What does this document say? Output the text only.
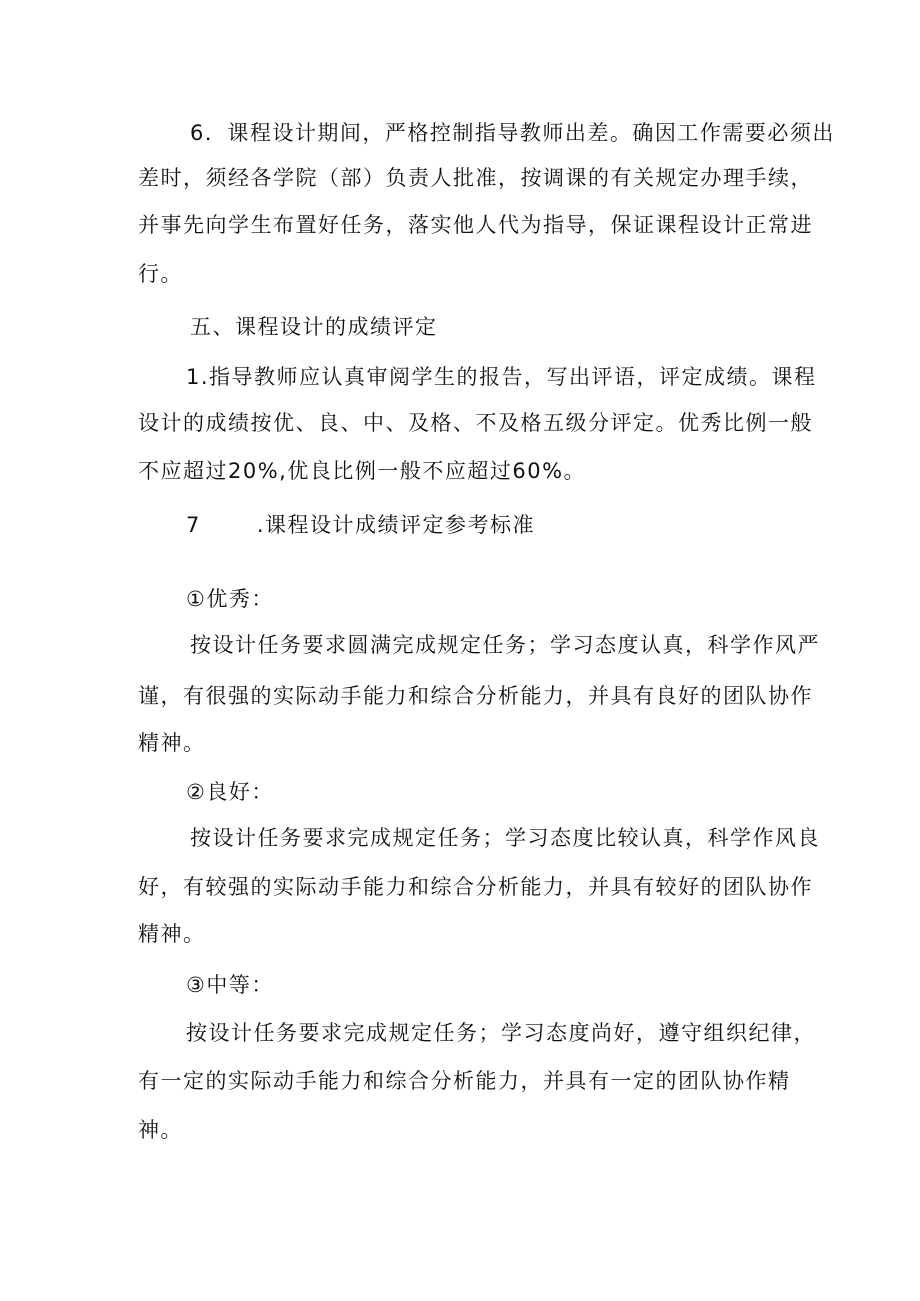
6．课程设计期间，严格控制指导教师出差。确因工作需要必须出
差时，须经各学院（部）负责人批准，按调课的有关规定办理手续，
并事先向学生布置好任务，落实他人代为指导，保证课程设计正常进
行。
五、课程设计的成绩评定
1.指导教师应认真审阅学生的报告，写出评语，评定成绩。课程
设计的成绩按优、良、中、及格、不及格五级分评定。优秀比例一般
不应超过20%,优良比例一般不应超过60%。
7	.课程设计成绩评定参考标准
①优秀：
按设计任务要求圆满完成规定任务；学习态度认真，科学作风严
谨，有很强的实际动手能力和综合分析能力，并具有良好的团队协作
精神。
②良好：
按设计任务要求完成规定任务；学习态度比较认真，科学作风良
好，有较强的实际动手能力和综合分析能力，并具有较好的团队协作
精神。
③中等：
按设计任务要求完成规定任务；学习态度尚好，遵守组织纪律，
有一定的实际动手能力和综合分析能力，并具有一定的团队协作精
神。
